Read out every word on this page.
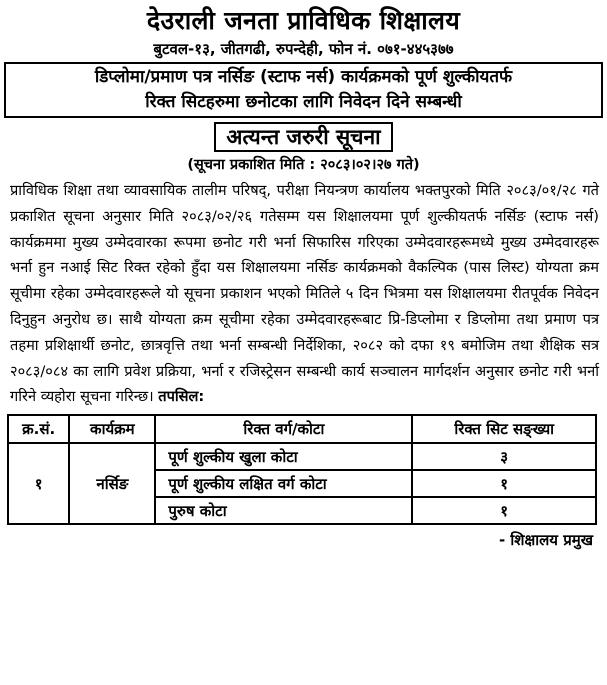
देउराली जनता प्राविधिक शिक्षालय
बुटवल-१३, जीतगढी, रुपन्देही, फोन नं. ०७१-४४५३७७
डिप्लोमा/प्रमाण पत्र नर्सिङ (स्टाफ नर्स) कार्यक्रमको पूर्ण शुल्कीयतर्फ
रिक्त सिटहरुमा छनोटका लागि निवेदन दिने सम्बन्धी
अत्यन्त जरुरी सूचना
(सूचना प्रकाशित मिति : २०८३।०२।२७ गते)
प्राविधिक शिक्षा तथा व्यावसायिक तालीम परिषद्, परीक्षा नियन्त्रण कार्यालय भक्तपुरको मिति २०८३/०१/२८ गते प्रकाशित सूचना अनुसार मिति २०८३/०२/२६ गतेसम्म यस शिक्षालयमा पूर्ण शुल्कीयतर्फ नर्सिङ (स्टाफ नर्स) कार्यक्रममा मुख्य उम्मेदवारका रूपमा छनोट गरी भर्ना सिफारिस गरिएका उम्मेदवारहरूमध्ये मुख्य उम्मेदवारहरू भर्ना हुन नआई सिट रिक्त रहेको हुँदा यस शिक्षालयमा नर्सिङ कार्यक्रमको वैकल्पिक (पास लिस्ट) योग्यता क्रम सूचीमा रहेका उम्मेदवारहरूले यो सूचना प्रकाशन भएको मितिले ५ दिन भित्रमा यस शिक्षालयमा रीतपूर्वक निवेदन दिनुहुन अनुरोध छ। साथै योग्यता क्रम सूचीमा रहेका उम्मेदवारहरूबाट प्रि-डिप्लोमा र डिप्लोमा तथा प्रमाण पत्र तहमा प्रशिक्षार्थी छनोट, छात्रवृत्ति तथा भर्ना सम्बन्धी निर्देशिका, २०८२ को दफा १९ बमोजिम तथा शैक्षिक सत्र २०८३/०८४ का लागि प्रवेश प्रक्रिया, भर्ना र रजिस्ट्रेसन सम्बन्धी कार्य सञ्चालन मार्गदर्शन अनुसार छनोट गरी भर्ना गरिने व्यहोरा सूचना गरिन्छ। तपसिल:
क्र.सं.	कार्यक्रम	रिक्त वर्ग/कोटा	रिक्त सिट सङ्ख्या
१	नर्सिङ	पूर्ण शुल्कीय खुला कोटा	३
		पूर्ण शुल्कीय लक्षित वर्ग कोटा	१
		पुरुष कोटा	१
- शिक्षालय प्रमुख
